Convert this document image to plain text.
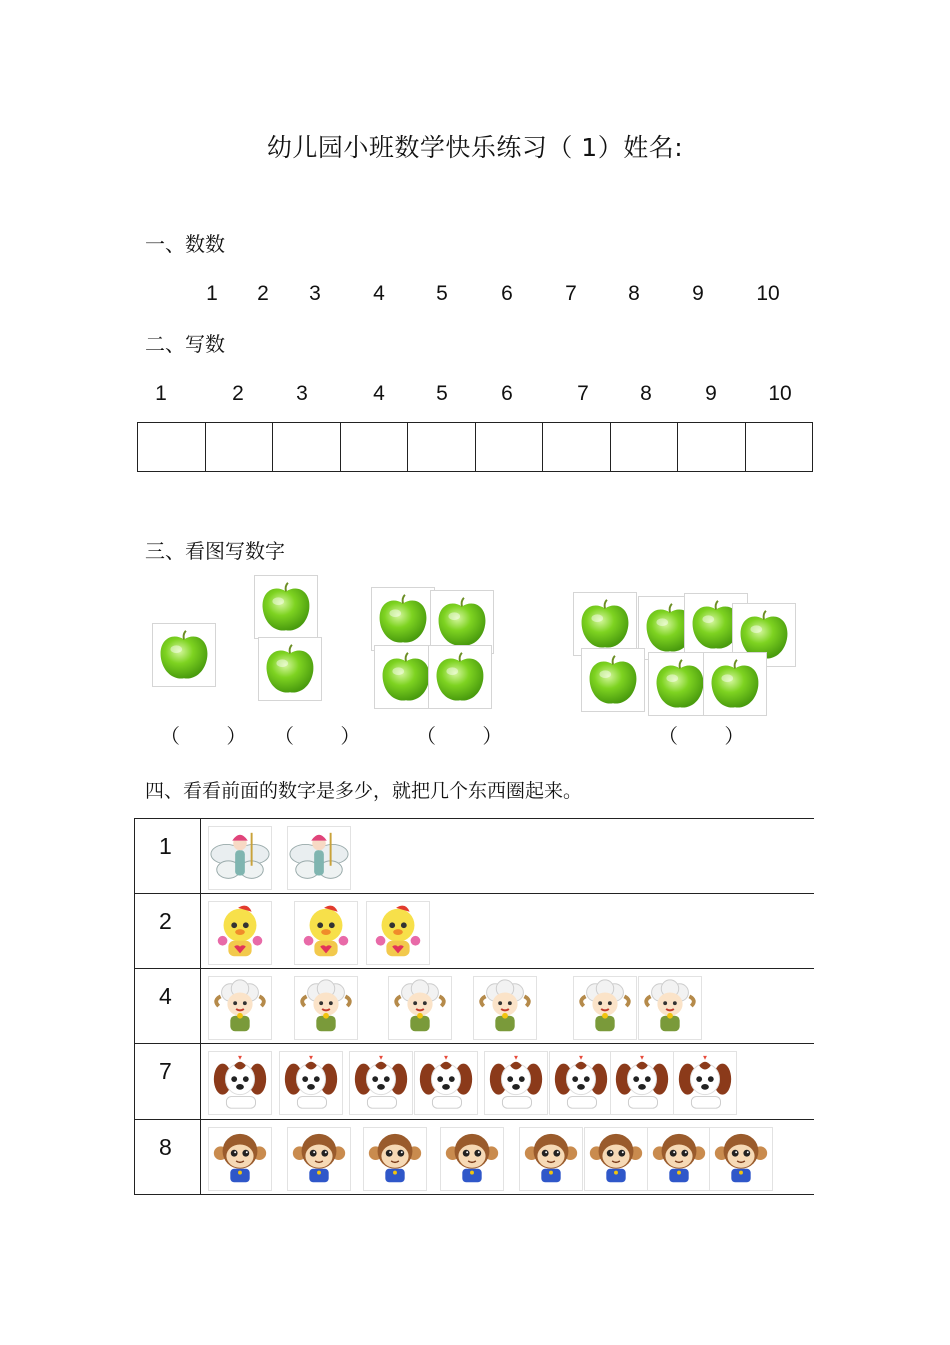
幼儿园小班数学快乐练习（ 1）姓名:
一、数数
1	2	3	4	5	6	7	8	9	10
二、写数
1	2	3	4	5	6	7	8	9	10
三、看图写数字
（ ） （ ） （ ）	（ ）
四、看看前面的数字是多少，就把几个东西圈起来。
1
2
4
7
8
